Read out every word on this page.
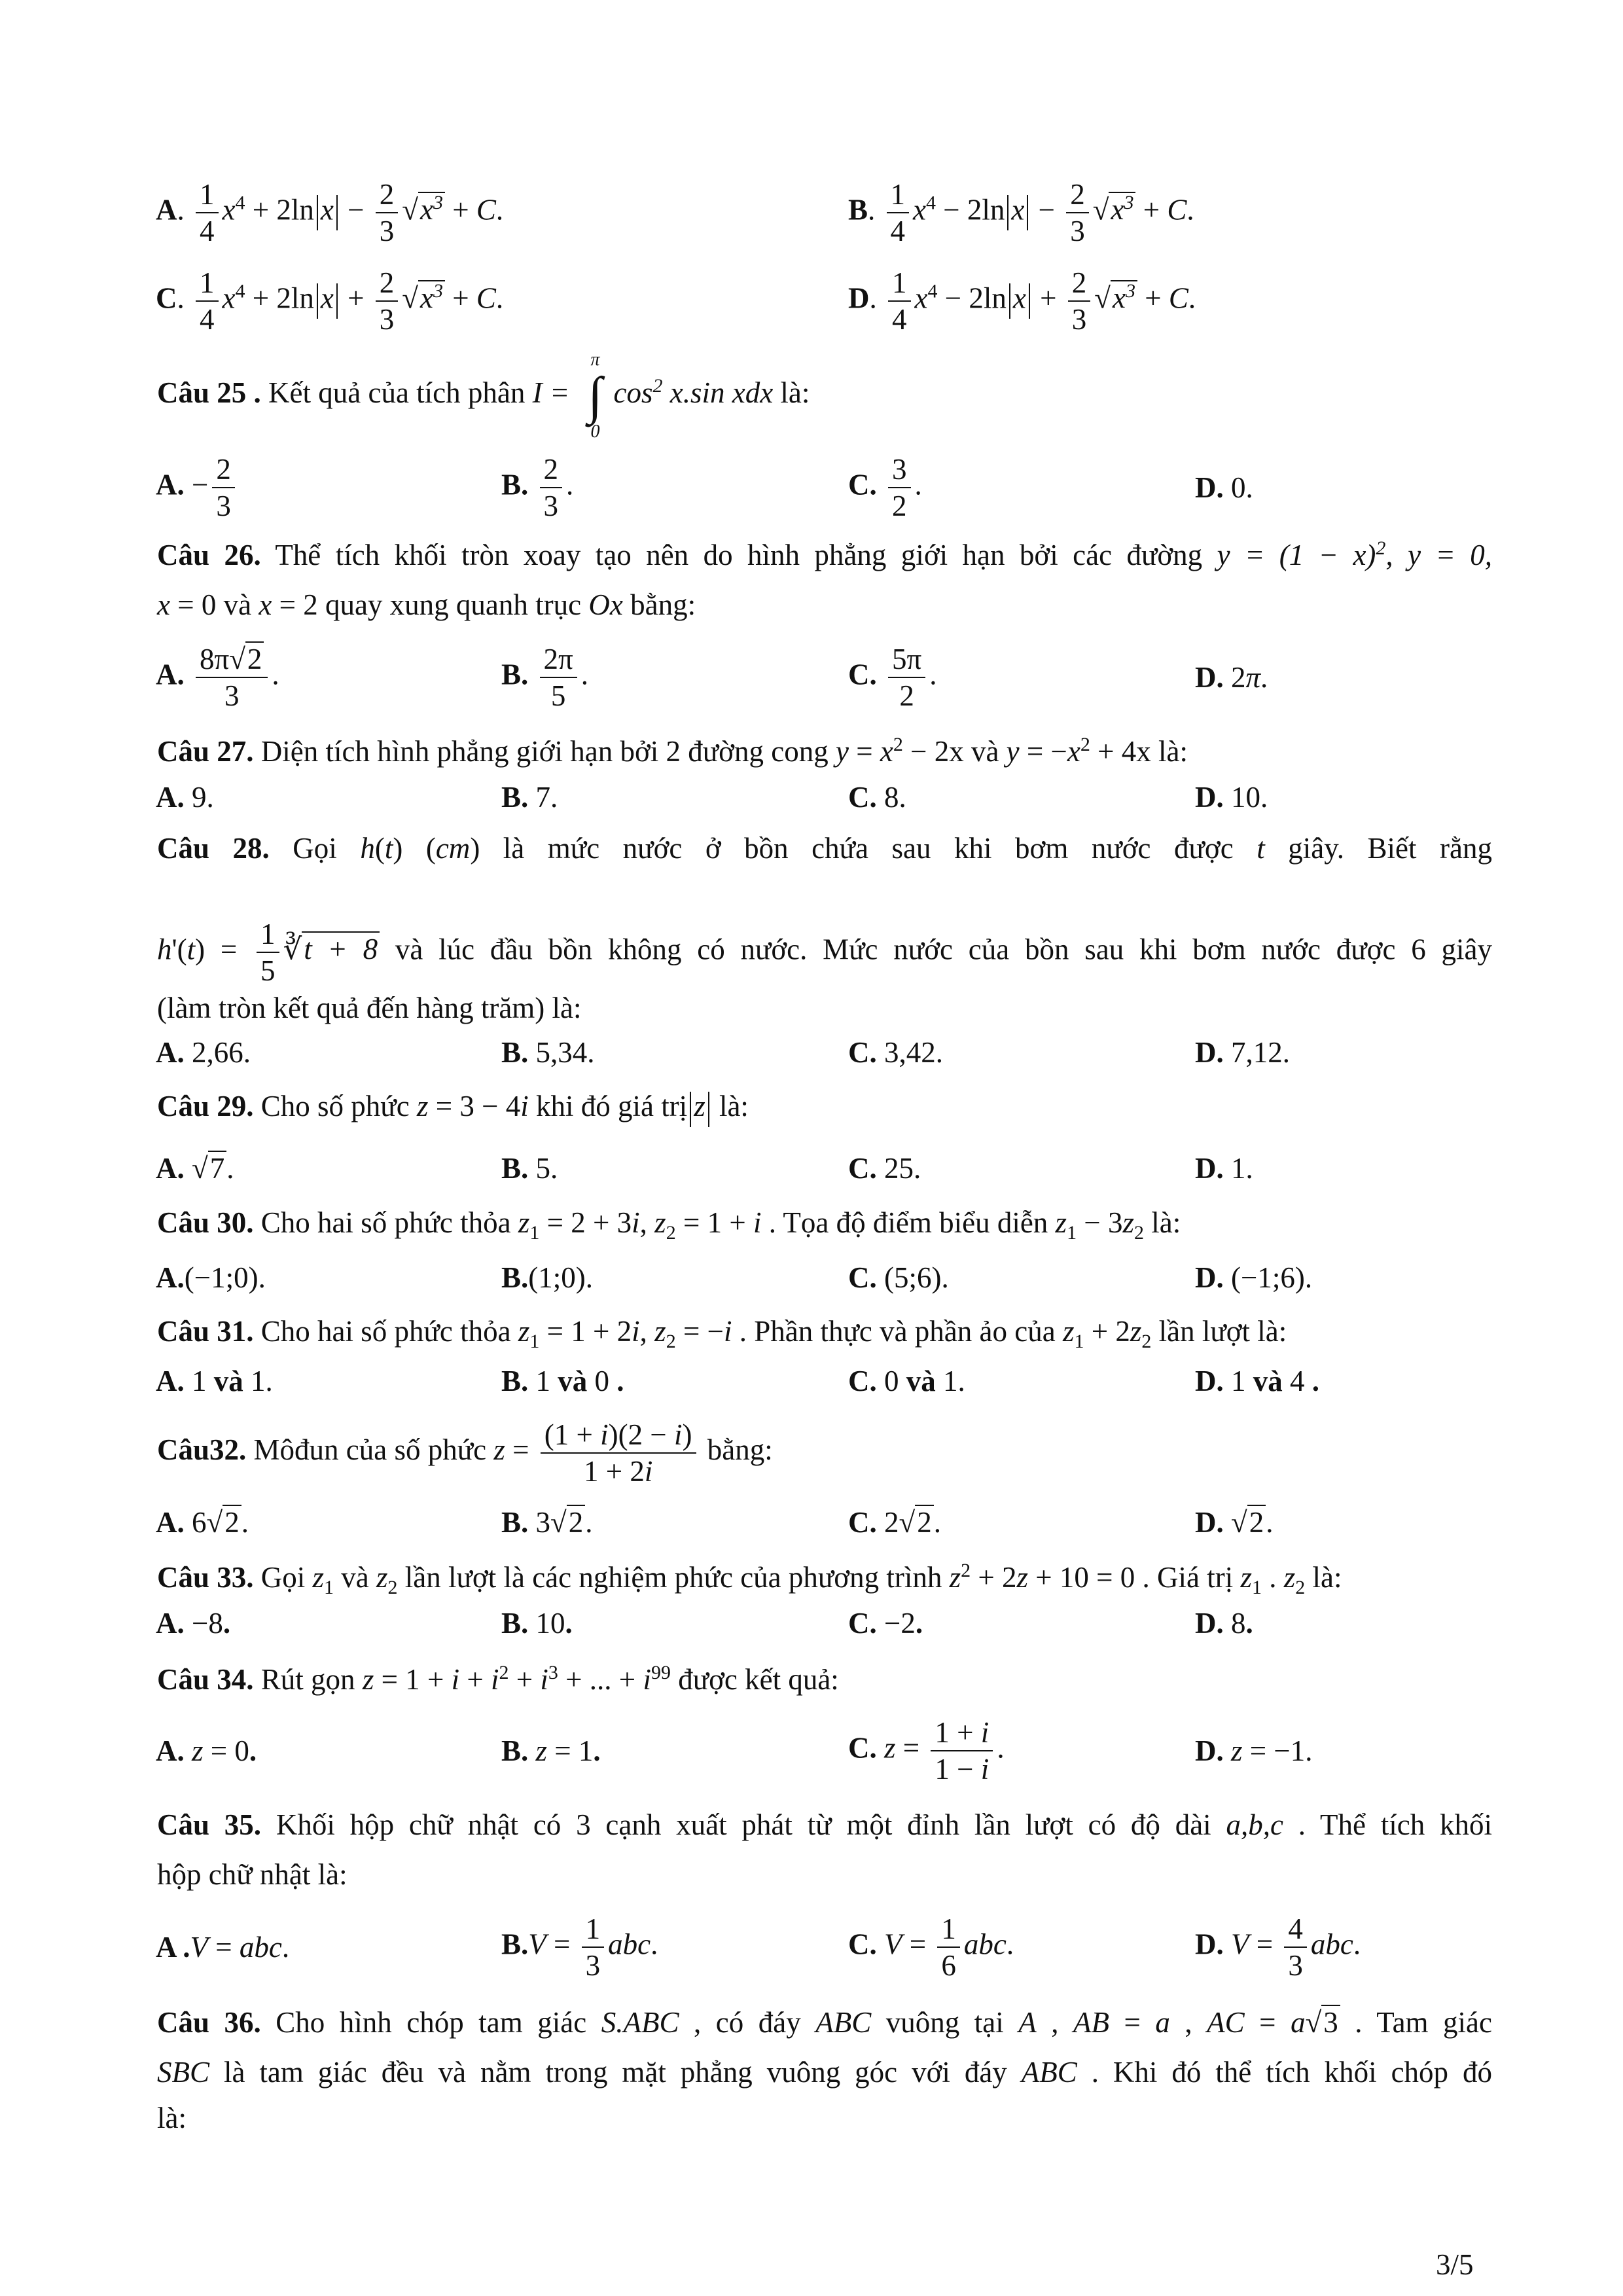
A. $\frac{1}{4} x^4 + 2\ln$ $x - \frac{2}{3} √x^3 + C$.	B. $\frac{1}{4} x^4 - 2\ln$ $x - \frac{2}{3} √x^3 + C$.
C. $\frac{1}{4} x^4 + 2\ln$ $x + \frac{2}{3} √x^3 + C$.	D. $\frac{1}{4} x^4 - 2\ln$ $x + \frac{2}{3} √x^3 + C$.
Câu 25 . Kết quả của tích phân I =
π
∫
0
$\cos^2 x.\sin$ xdx là:
A. − $\frac{2}{3}$	B. $\frac{2}{3}$ .	C. $\frac{3}{2}$ .	D. 0.
Câu 26. Thể tích khối tròn xoay tạo nên do hình phẳng giới hạn bởi các đường $y = (1 - x)^2$, y = 0,
x = 0 và x = 2 quay xung quanh trục Ox bằng:
A. $\frac{8\pi√2}{3}$ .	B. $\frac{2\pi}{5}$ .	C. $\frac{5\pi}{2}$ .	D. 2π.
Câu 27. Diện tích hình phẳng giới hạn bởi 2 đường cong $y = x^2 - 2x$ và $y = -x^2 + 4x$ là:
A. 9.	B. 7.	C. 8.	D. 10.
Câu 28. Gọi h(t) (cm) là mức nước ở bồn chứa sau khi bơm nước được t giây. Biết rằng
$h'(t) = \frac{1}{5}$ ∛t + 8 và lúc đầu bồn không có nước. Mức nước của bồn sau khi bơm nước được 6 giây
(làm tròn kết quả đến hàng trăm) là:
A. 2,66.	B. 5,34.	C. 3,42.	D. 7,12.
Câu 29. Cho số phức z = 3 − 4i khi đó giá trị z là:
A. √7.	B. 5.	C. 25.	D. 1.
Câu 30. Cho hai số phức thỏa $z_1 = 2 + 3i$, $z_2 = 1 + i$ . Tọa độ điểm biểu diễn $z_1 - 3z_2$ là:
A.(−1;0).	B.(1;0).	C. (5;6).	D. (−1;6).
Câu 31. Cho hai số phức thỏa $z_1 = 1 + 2i$, $z_2 = -i$ . Phần thực và phần ảo của $z_1 + 2z_2$ lần lượt là:
A. 1 và 1.	B. 1 và 0 .	C. 0 và 1.	D. 1 và 4 .
Câu32. Môđun của số phức $z = \frac{(1 + i)(2 - i)}{1 + 2i}$ bằng:
A. 6√2.	B. 3√2.	C. 2√2.	D. √2.
Câu 33. Gọi $z_1$ và $z_2$ lần lượt là các nghiệm phức của phương trình $z^2 + 2z + 10 = 0$ . Giá trị $z_1$ . $z_2$ là:
A. −8.	B. 10.	C. −2.	D. 8.
Câu 34. Rút gọn $z = 1 + i + i^2 + i^3$ + ... + $i^{99}$ được kết quả:
A. z = 0.	B. z = 1.	C. $z = \frac{1 + i}{1 - i}$ .	D. z = −1.
Câu 35. Khối hộp chữ nhật có 3 cạnh xuất phát từ một đỉnh lần lượt có độ dài a,b,c . Thể tích khối
hộp chữ nhật là:
A .V = abc.	$B.V = \frac{1}{3}$ abc.	C. $V = \frac{1}{6}$ abc.	D. $V = \frac{4}{3}$ abc.
Câu 36. Cho hình chóp tam giác S.ABC , có đáy ABC vuông tại A , AB = a , AC = a√3 . Tam giác
SBC là tam giác đều và nằm trong mặt phẳng vuông góc với đáy ABC . Khi đó thể tích khối chóp đó
là:
3/5
